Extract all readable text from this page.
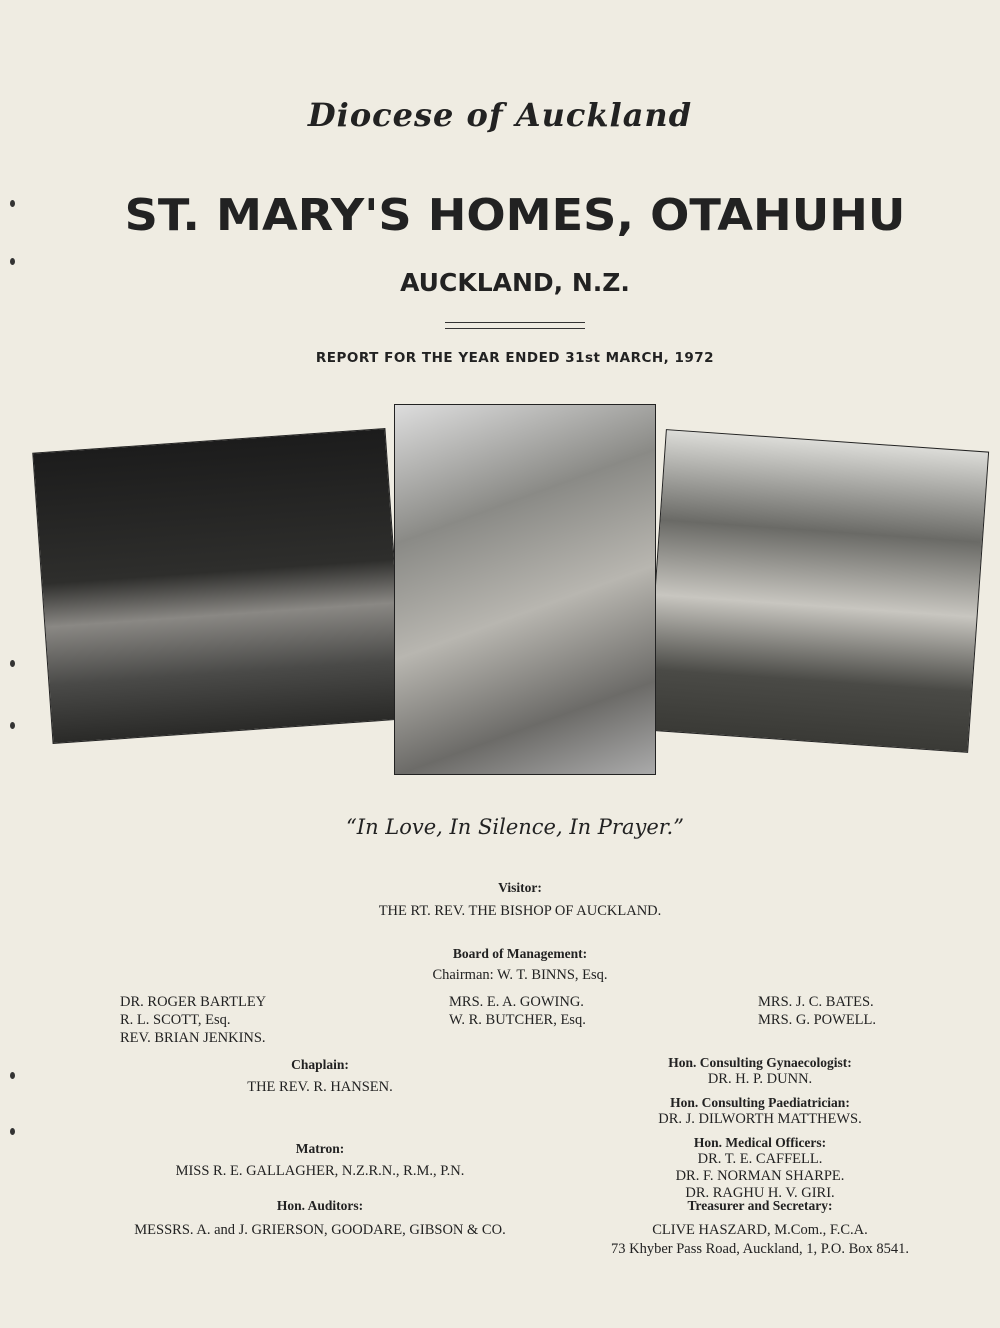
Diocese of Auckland
ST. MARY'S HOMES, OTAHUHU
AUCKLAND, N.Z.
REPORT FOR THE YEAR ENDED 31st MARCH, 1972
“In Love, In Silence, In Prayer.”
Visitor:
THE RT. REV. THE BISHOP OF AUCKLAND.
Board of Management:
Chairman: W. T. BINNS, Esq.
DR. ROGER BARTLEY
R. L. SCOTT, Esq.
REV. BRIAN JENKINS.
MRS. E. A. GOWING.
W. R. BUTCHER, Esq.
MRS. J. C. BATES.
MRS. G. POWELL.
Chaplain:
THE REV. R. HANSEN.
Matron:
MISS R. E. GALLAGHER, N.Z.R.N., R.M., P.N.
Hon. Auditors:
MESSRS. A. and J. GRIERSON, GOODARE, GIBSON & CO.
Hon. Consulting Gynaecologist:
DR. H. P. DUNN.
Hon. Consulting Paediatrician:
DR. J. DILWORTH MATTHEWS.
Hon. Medical Officers:
DR. T. E. CAFFELL.
DR. F. NORMAN SHARPE.
DR. RAGHU H. V. GIRI.
Treasurer and Secretary:
CLIVE HASZARD, M.Com., F.C.A.
73 Khyber Pass Road, Auckland, 1, P.O. Box 8541.
